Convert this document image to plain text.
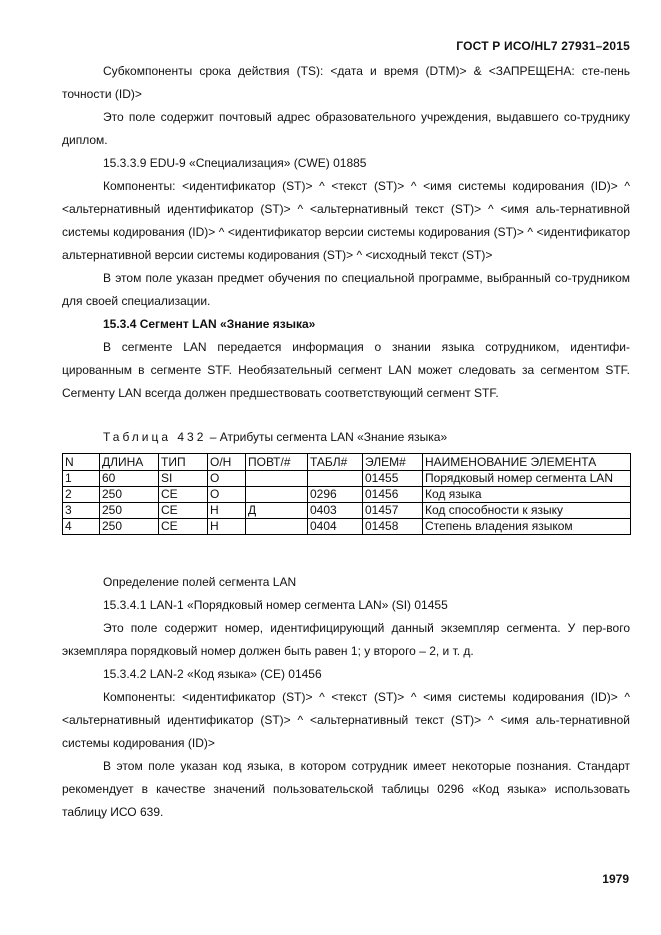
ГОСТ Р ИСО/HL7 27931–2015

Субкомпоненты срока действия (TS): <дата и время (DTM)> & <ЗАПРЕЩЕНА: сте-пень точности (ID)>

Это поле содержит почтовый адрес образовательного учреждения, выдавшего со-труднику диплом.

15.3.3.9 EDU-9 «Специализация» (CWE) 01885

Компоненты: <идентификатор (ST)> ^ <текст (ST)> ^ <имя системы кодирования (ID)> ^ <альтернативный идентификатор (ST)> ^ <альтернативный текст (ST)> ^ <имя аль-тернативной системы кодирования (ID)> ^ <идентификатор версии системы кодирования (ST)> ^ <идентификатор альтернативной версии системы кодирования (ST)> ^ <исходный текст (ST)>

В этом поле указан предмет обучения по специальной программе, выбранный со-трудником для своей специализации.

15.3.4 Сегмент LAN «Знание языка»

В сегменте LAN передается информация о знании языка сотрудником, идентифи-цированным в сегменте STF. Необязательный сегмент LAN может следовать за сегментом STF. Сегменту LAN всегда должен предшествовать соответствующий сегмент STF.

Таблица 432 – Атрибуты сегмента LAN «Знание языка»
N	ДЛИНА	ТИП	О/Н	ПОВТ/#	ТАБЛ#	ЭЛЕМ#	НАИМЕНОВАНИЕ ЭЛЕМЕНТА
1	60	SI	O			01455	Порядковый номер сегмента LAN
2	250	CE	O		0296	01456	Код языка
3	250	CE	Н	Д	0403	01457	Код способности к языку
4	250	CE	Н		0404	01458	Степень владения языком

Определение полей сегмента LAN

15.3.4.1 LAN-1 «Порядковый номер сегмента LAN» (SI) 01455

Это поле содержит номер, идентифицирующий данный экземпляр сегмента. У пер-вого экземпляра порядковый номер должен быть равен 1; у второго – 2, и т. д.

15.3.4.2 LAN-2 «Код языка» (CE) 01456

Компоненты: <идентификатор (ST)> ^ <текст (ST)> ^ <имя системы кодирования (ID)> ^ <альтернативный идентификатор (ST)> ^ <альтернативный текст (ST)> ^ <имя аль-тернативной системы кодирования (ID)>

В этом поле указан код языка, в котором сотрудник имеет некоторые познания. Стандарт рекомендует в качестве значений пользовательской таблицы 0296 «Код языка» использовать таблицу ИСО 639.

1979
